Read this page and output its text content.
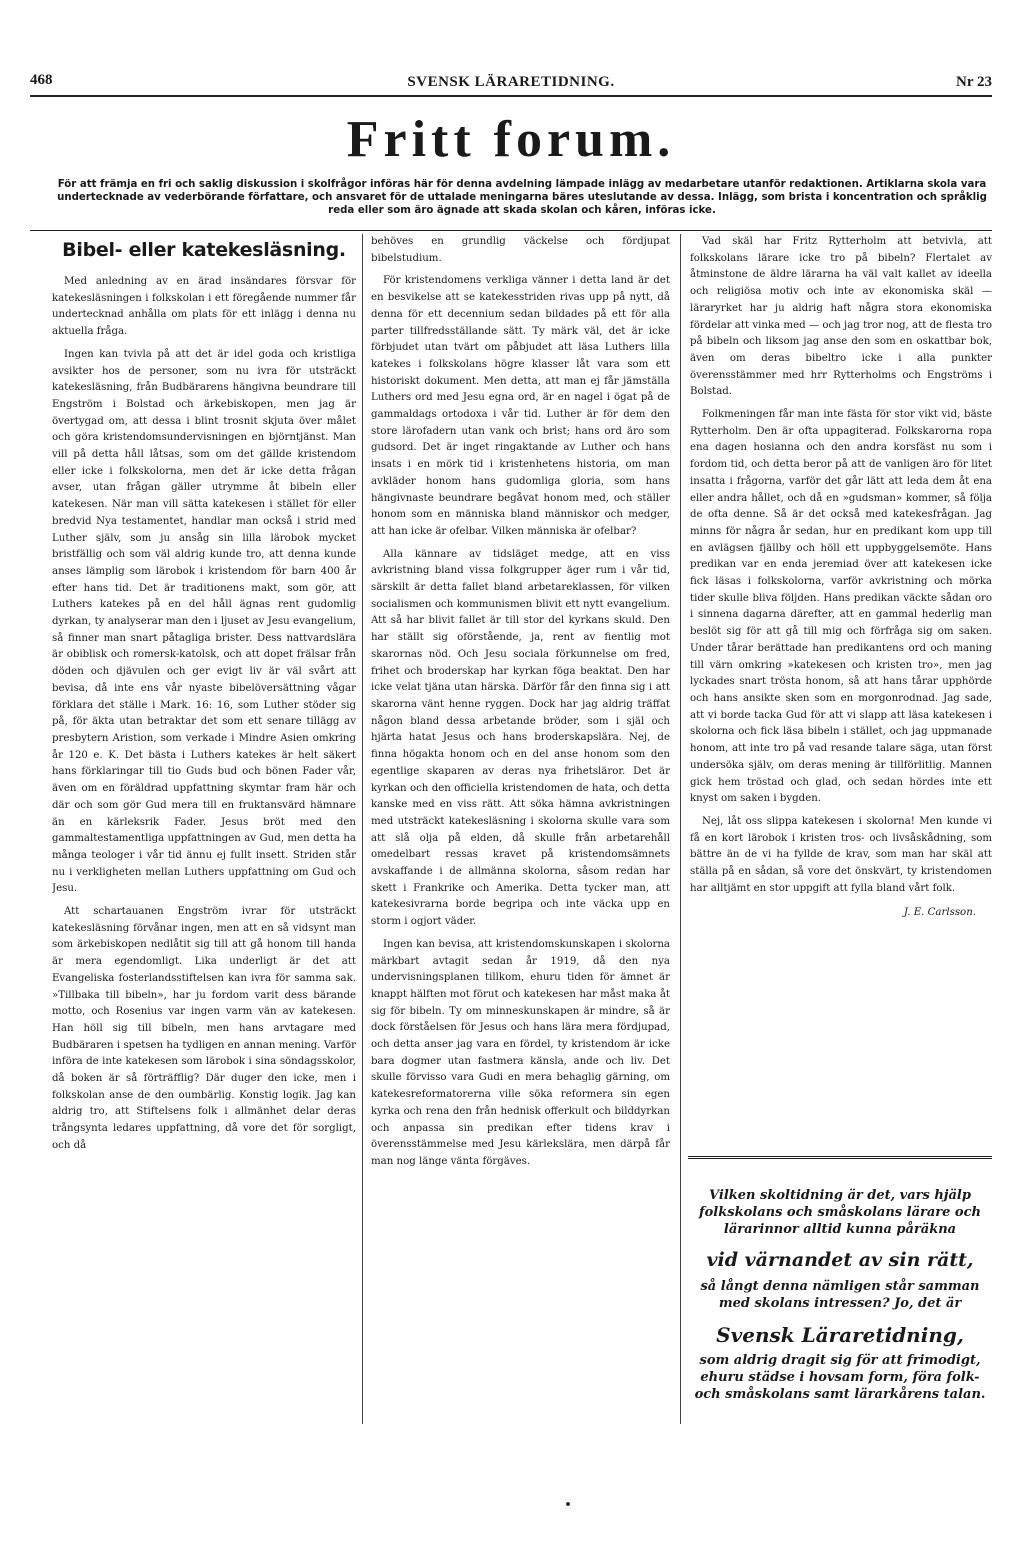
468	SVENSK LÄRARETIDNING.	Nr 23
Fritt forum.
För att främja en fri och saklig diskussion i skolfrågor införas här för denna avdelning lämpade inlägg av medarbetare utanför redaktionen. Artiklarna skola vara undertecknade av vederbörande författare, och ansvaret för de uttalade meningarna bäres uteslutande av dessa. Inlägg, som brista i koncentration och språklig reda eller som äro ägnade att skada skolan och kåren, införas icke.
Bibel- eller katekesläsning.

Med anledning av en ärad insändares försvar för katekesläsningen i folkskolan i ett föregående nummer får undertecknad anhålla om plats för ett inlägg i denna nu aktuella fråga.

Ingen kan tvivla på att det är idel goda och kristliga avsikter hos de personer, som nu ivra för utsträckt katekesläsning, från Budbärarens hängivna beundrare till Engström i Bolstad och ärkebiskopen, men jag är övertygad om, att dessa i blint trosnit skjuta över målet och göra kristendomsundervisningen en björntjänst. Man vill på detta håll låtsas, som om det gällde kristendom eller icke i folkskolorna, men det är icke detta frågan avser, utan frågan gäller utrymme åt bibeln eller katekesen. När man vill sätta katekesen i stället för eller bredvid Nya testamentet, handlar man också i strid med Luther själv, som ju ansåg sin lilla lärobok mycket bristfällig och som väl aldrig kunde tro, att denna kunde anses lämplig som lärobok i kristendom för barn 400 år efter hans tid. Det är traditionens makt, som gör, att Luthers katekes på en del håll ägnas rent gudomlig dyrkan, ty analyserar man den i ljuset av Jesu evangelium, så finner man snart påtagliga brister. Dess nattvardslära är obiblisk och romersk-katolsk, och att dopet frälsar från döden och djävulen och ger evigt liv är väl svårt att bevisa, då inte ens vår nyaste bibelöversättning vågar förklara det ställe i Mark. 16: 16, som Luther stöder sig på, för äkta utan betraktar det som ett senare tillägg av presbytern Aristion, som verkade i Mindre Asien omkring år 120 e. K. Det bästa i Luthers katekes är helt säkert hans förklaringar till tio Guds bud och bönen Fader vår, även om en föräldrad uppfattning skymtar fram här och där och som gör Gud mera till en fruktansvärd hämnare än en kärleksrik Fader. Jesus bröt med den gammaltestamentliga uppfattningen av Gud, men detta ha många teologer i vår tid ännu ej fullt insett. Striden står nu i verkligheten mellan Luthers uppfattning om Gud och Jesu.

Att schartauanen Engström ivrar för utsträckt katekesläsning förvånar ingen, men att en så vidsynt man som ärkebiskopen nedlåtit sig till att gå honom till handa är mera egendomligt. Lika underligt är det att Evangeliska fosterlandsstiftelsen kan ivra för samma sak. »Tillbaka till bibeln», har ju fordom varit dess bärande motto, och Rosenius var ingen varm vän av katekesen. Han höll sig till bibeln, men hans arvtagare med Budbäraren i spetsen ha tydligen en annan mening. Varför införa de inte katekesen som lärobok i sina söndagsskolor, då boken är så förträfflig? Där duger den icke, men i folkskolan anse de den oumbärlig. Konstig logik. Jag kan aldrig tro, att Stiftelsens folk i allmänhet delar deras trångsynta ledares uppfattning, då vore det för sorgligt, och då

behöves en grundlig väckelse och fördjupat bibelstudium.

För kristendomens verkliga vänner i detta land är det en besvikelse att se katekesstriden rivas upp på nytt, då denna för ett decennium sedan bildades på ett för alla parter tillfredsställande sätt. Ty märk väl, det är icke förbjudet utan tvärt om påbjudet att läsa Luthers lilla katekes i folkskolans högre klasser låt vara som ett historiskt dokument. Men detta, att man ej får jämställa Luthers ord med Jesu egna ord, är en nagel i ögat på de gammaldags ortodoxa i vår tid. Luther är för dem den store lärofadern utan vank och brist; hans ord äro som gudsord. Det är inget ringaktande av Luther och hans insats i en mörk tid i kristenhetens historia, om man avkläder honom hans gudomliga gloria, som hans hängivnaste beundrare begåvat honom med, och ställer honom som en människa bland människor och medger, att han icke är ofelbar. Vilken människa är ofelbar?

Alla kännare av tidsläget medge, att en viss avkristning bland vissa folkgrupper äger rum i vår tid, särskilt är detta fallet bland arbetareklassen, för vilken socialismen och kommunismen blivit ett nytt evangelium. Att så har blivit fallet är till stor del kyrkans skuld. Den har ställt sig oförstående, ja, rent av fientlig mot skarornas nöd. Och Jesu sociala förkunnelse om fred, frihet och broderskap har kyrkan föga beaktat. Den har icke velat tjäna utan härska. Därför får den finna sig i att skarorna vänt henne ryggen. Dock har jag aldrig träffat någon bland dessa arbetande bröder, som i själ och hjärta hatat Jesus och hans broderskapslära. Nej, de finna högakta honom och en del anse honom som den egentlige skaparen av deras nya frihetsläror. Det är kyrkan och den officiella kristendomen de hata, och detta kanske med en viss rätt. Att söka hämna avkristningen med utsträckt katekesläsning i skolorna skulle vara som att slå olja på elden, då skulle från arbetarehåll omedelbart ressas kravet på kristendomsämnets avskaffande i de allmänna skolorna, såsom redan har skett i Frankrike och Amerika. Detta tycker man, att katekesivrarna borde begripa och inte väcka upp en storm i ogjort väder.

Ingen kan bevisa, att kristendomskunskapen i skolorna märkbart avtagit sedan år 1919, då den nya undervisningsplanen tillkom, ehuru tiden för ämnet är knappt hälften mot förut och katekesen har måst maka åt sig för bibeln. Ty om minneskunskapen är mindre, så är dock förståelsen för Jesus och hans lära mera fördjupad, och detta anser jag vara en fördel, ty kristendom är icke bara dogmer utan fastmera känsla, ande och liv. Det skulle förvisso vara Gudi en mera behaglig gärning, om katekesreformatorerna ville söka reformera sin egen kyrka och rena den från hednisk offerkult och bilddyrkan och anpassa sin predikan efter tidens krav i överensstämmelse med Jesu kärlekslära, men därpå får man nog länge vänta förgäves.

Vad skäl har Fritz Rytterholm att betvivla, att folkskolans lärare icke tro på bibeln? Flertalet av åtminstone de äldre lärarna ha väl valt kallet av ideella och religiösa motiv och inte av ekonomiska skäl — läraryrket har ju aldrig haft några stora ekonomiska fördelar att vinka med — och jag tror nog, att de flesta tro på bibeln och liksom jag anse den som en oskattbar bok, även om deras bibeltro icke i alla punkter överensstämmer med hrr Rytterholms och Engströms i Bolstad.

Folkmeningen får man inte fästa för stor vikt vid, bäste Rytterholm. Den är ofta uppagiterad. Folkskarorna ropa ena dagen hosianna och den andra korsfäst nu som i fordom tid, och detta beror på att de vanligen äro för litet insatta i frågorna, varför det går lätt att leda dem åt ena eller andra hållet, och då en »gudsman» kommer, så följa de ofta denne. Så är det också med katekesfrågan. Jag minns för några år sedan, hur en predikant kom upp till en avlägsen fjällby och höll ett uppbyggelsemöte. Hans predikan var en enda jeremiad över att katekesen icke fick läsas i folkskolorna, varför avkristning och mörka tider skulle bliva följden. Hans predikan väckte sådan oro i sinnena dagarna därefter, att en gammal hederlig man beslöt sig för att gå till mig och förfråga sig om saken. Under tårar berättade han predikantens ord och maning till värn omkring »katekesen och kristen tro», men jag lyckades snart trösta honom, så att hans tårar upphörde och hans ansikte sken som en morgonrodnad. Jag sade, att vi borde tacka Gud för att vi slapp att läsa katekesen i skolorna och fick läsa bibeln i stället, och jag uppmanade honom, att inte tro på vad resande talare säga, utan först undersöka själv, om deras mening är tillförlitlig. Mannen gick hem tröstad och glad, och sedan hördes inte ett knyst om saken i bygden.

Nej, låt oss slippa katekesen i skolorna! Men kunde vi få en kort lärobok i kristen tros- och livsåskådning, som bättre än de vi ha fyllde de krav, som man har skäl att ställa på en sådan, så vore det önskvärt, ty kristendomen har alltjämt en stor uppgift att fylla bland vårt folk.

J. E. Carlsson.
Vilken skoltidning är det, vars hjälp folkskolans och småskolans lärare och lärarinnor alltid kunna påräkna
vid värnandet av sin rätt,
så långt denna nämligen står samman med skolans intressen? Jo, det är
Svensk Läraretidning,
som aldrig dragit sig för att frimodigt, ehuru städse i hovsam form, föra folk- och småskolans samt lärarkårens talan.
